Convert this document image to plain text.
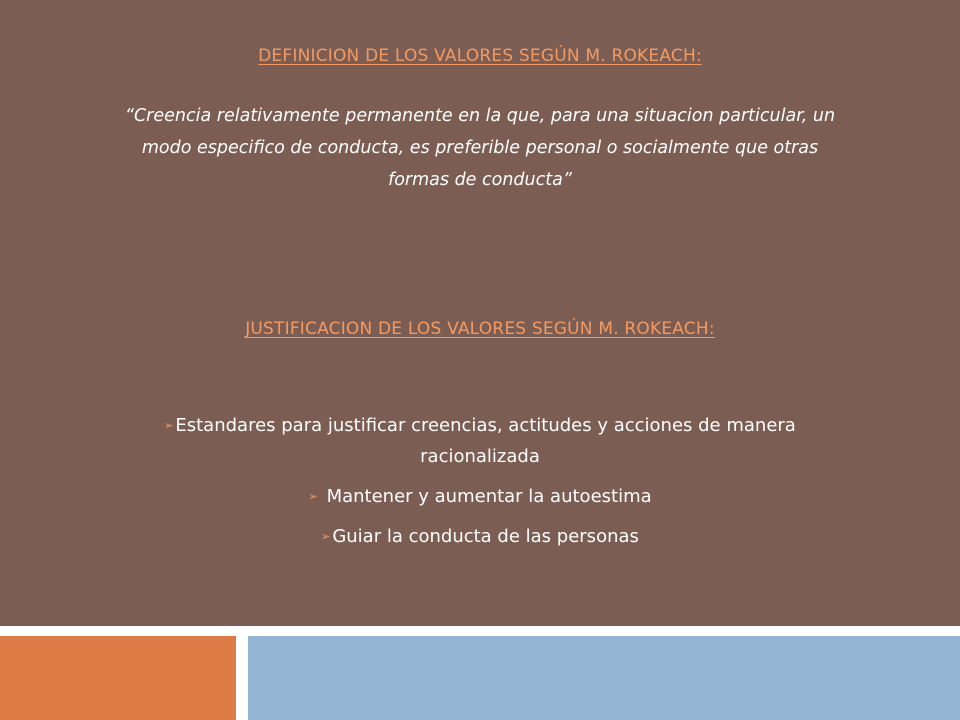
DEFINICION DE LOS VALORES SEGÚN M. ROKEACH:
“Creencia relativamente permanente en la que, para una situacion particular, un modo especifico de conducta, es preferible personal o socialmente que otras formas de conducta”
JUSTIFICACION DE LOS VALORES SEGÚN M. ROKEACH:
➢ Estandares para justificar creencias, actitudes y acciones de manera racionalizada
➢ Mantener y aumentar la autoestima
➢ Guiar la conducta de las personas
